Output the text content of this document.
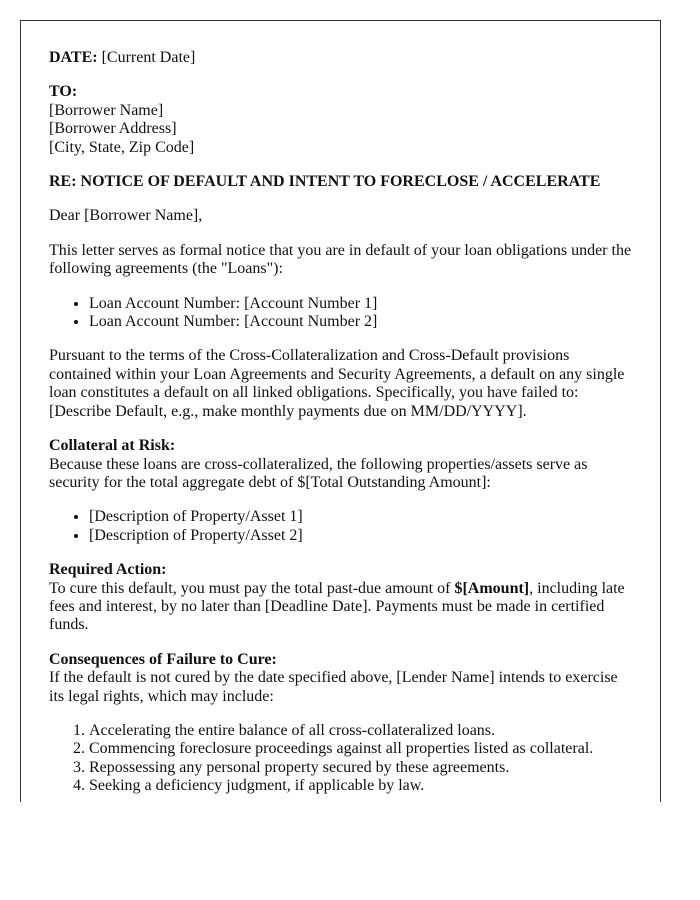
DATE: [Current Date]

TO:
[Borrower Name]
[Borrower Address]
[City, State, Zip Code]

RE: NOTICE OF DEFAULT AND INTENT TO FORECLOSE / ACCELERATE

Dear [Borrower Name],

This letter serves as formal notice that you are in default of your loan obligations under the following agreements (the "Loans"):

• Loan Account Number: [Account Number 1]
• Loan Account Number: [Account Number 2]

Pursuant to the terms of the Cross-Collateralization and Cross-Default provisions contained within your Loan Agreements and Security Agreements, a default on any single loan constitutes a default on all linked obligations. Specifically, you have failed to: [Describe Default, e.g., make monthly payments due on MM/DD/YYYY].

Collateral at Risk:
Because these loans are cross-collateralized, the following properties/assets serve as security for the total aggregate debt of $[Total Outstanding Amount]:

• [Description of Property/Asset 1]
• [Description of Property/Asset 2]

Required Action:
To cure this default, you must pay the total past-due amount of $[Amount], including late fees and interest, by no later than [Deadline Date]. Payments must be made in certified funds.

Consequences of Failure to Cure:
If the default is not cured by the date specified above, [Lender Name] intends to exercise its legal rights, which may include:

1. Accelerating the entire balance of all cross-collateralized loans.
2. Commencing foreclosure proceedings against all properties listed as collateral.
3. Repossessing any personal property secured by these agreements.
4. Seeking a deficiency judgment, if applicable by law.
